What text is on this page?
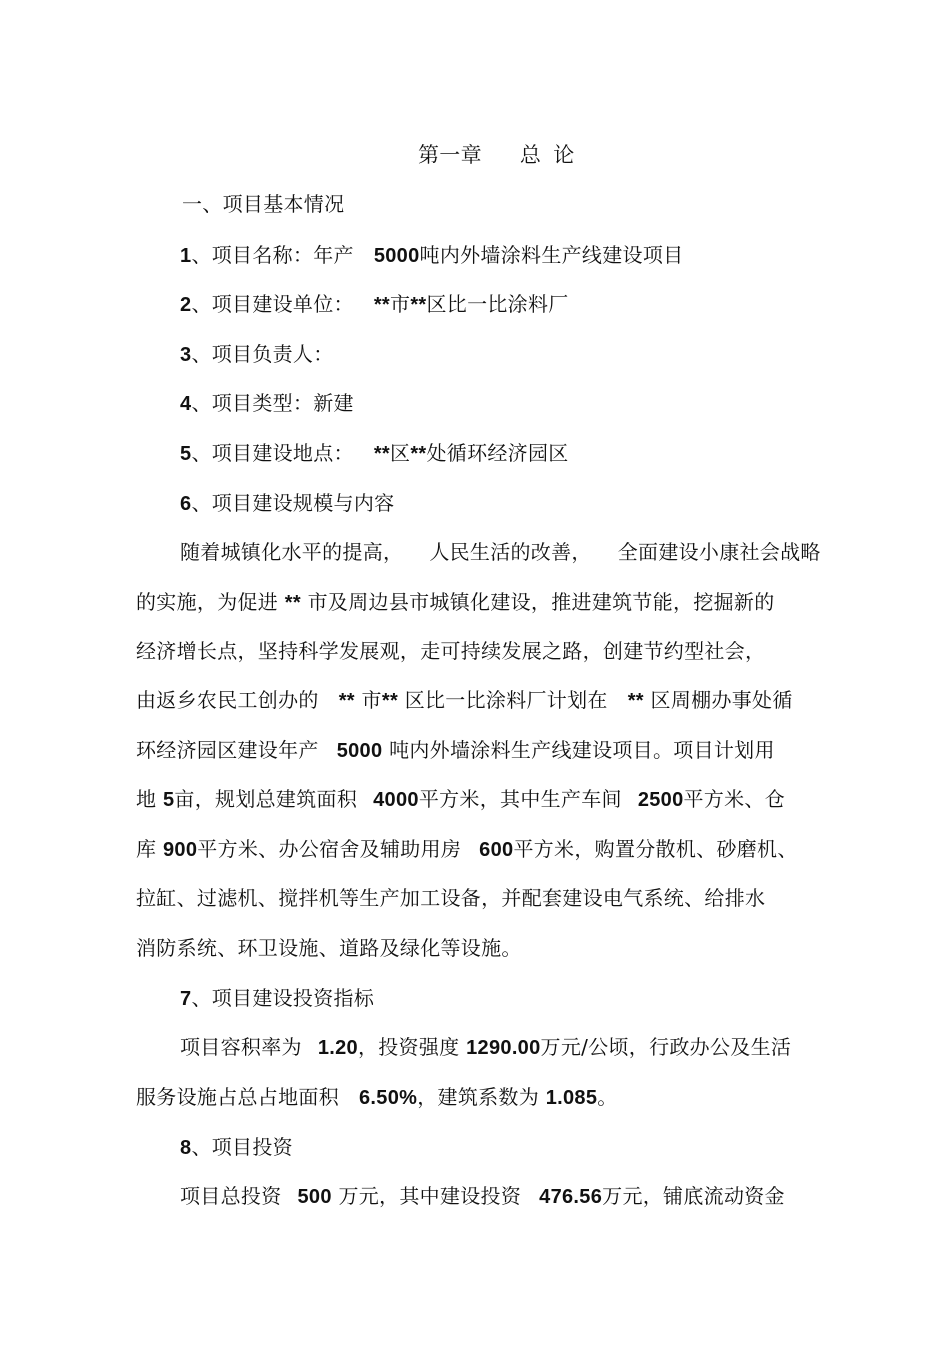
第一章 总 论
一、项目基本情况
1、项目名称：年产 5000吨内外墙涂料生产线建设项目
2、项目建设单位： **市**区比一比涂料厂
3、项目负责人：
4、项目类型：新建
5、项目建设地点： **区**处循环经济园区
6、项目建设规模与内容
随着城镇化水平的提高， 人民生活的改善， 全面建设小康社会战略
的实施，为促进 ** 市及周边县市城镇化建设，推进建筑节能，挖掘新的
经济增长点，坚持科学发展观，走可持续发展之路，创建节约型社会，
由返乡农民工创办的 ** 市** 区比一比涂料厂计划在 ** 区周棚办事处循
环经济园区建设年产 5000 吨内外墙涂料生产线建设项目。项目计划用
地 5亩，规划总建筑面积 4000平方米，其中生产车间 2500平方米、仓
库 900平方米、办公宿舍及辅助用房 600平方米，购置分散机、砂磨机、
拉缸、过滤机、搅拌机等生产加工设备，并配套建设电气系统、给排水
消防系统、环卫设施、道路及绿化等设施。
7、项目建设投资指标
项目容积率为 1.20，投资强度 1290.00万元/公顷，行政办公及生活
服务设施占总占地面积 6.50%，建筑系数为 1.085。
8、项目投资
项目总投资 500 万元，其中建设投资 476.56万元，铺底流动资金
